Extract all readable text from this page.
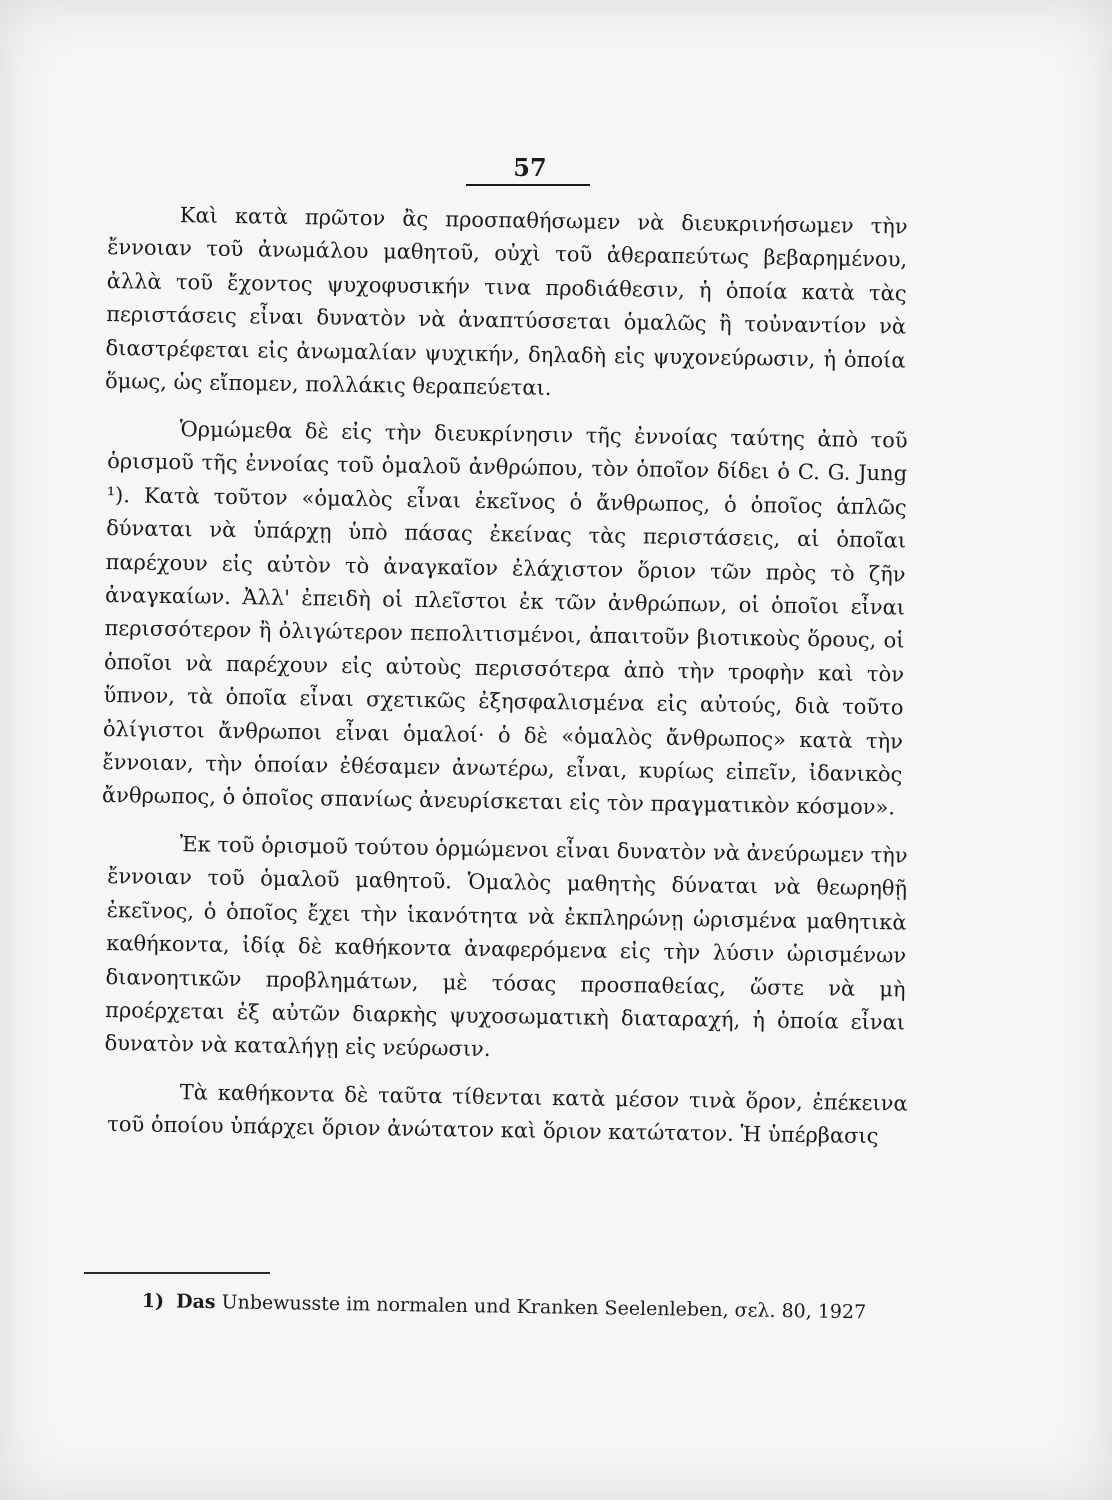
57

Καὶ κατὰ πρῶτον ἂς προσπαθήσωμεν νὰ διευκρινήσωμεν τὴν ἔννοιαν τοῦ ἀνωμάλου μαθητοῦ, οὐχὶ τοῦ ἀθεραπεύτως βεβαρημένου, ἀλλὰ τοῦ ἔχοντος ψυχοφυσικήν τινα προδιάθεσιν, ἡ ὁποία κατὰ τὰς περιστάσεις εἶναι δυνατὸν νὰ ἀναπτύσσεται ὁμαλῶς ἢ τοὐναντίον νὰ διαστρέφεται εἰς ἀνωμαλίαν ψυχικήν, δηλαδὴ εἰς ψυχονεύρωσιν, ἡ ὁποία ὅμως, ὡς εἴπομεν, πολλάκις θεραπεύεται.

Ὁρμώμεθα δὲ εἰς τὴν διευκρίνησιν τῆς ἐννοίας ταύτης ἀπὸ τοῦ ὁρισμοῦ τῆς ἐννοίας τοῦ ὁμαλοῦ ἀνθρώπου, τὸν ὁποῖον δίδει ὁ C. G. Jung ¹). Κατὰ τοῦτον «ὁμαλὸς εἶναι ἐκεῖνος ὁ ἄνθρωπος, ὁ ὁποῖος ἁπλῶς δύναται νὰ ὑπάρχῃ ὑπὸ πάσας ἐκείνας τὰς περιστάσεις, αἱ ὁποῖαι παρέχουν εἰς αὐτὸν τὸ ἀναγκαῖον ἐλάχιστον ὅριον τῶν πρὸς τὸ ζῆν ἀναγκαίων. Ἀλλ' ἐπειδὴ οἱ πλεῖστοι ἐκ τῶν ἀνθρώπων, οἱ ὁποῖοι εἶναι περισσότερον ἢ ὀλιγώτερον πεπολιτισμένοι, ἀπαιτοῦν βιοτικοὺς ὅρους, οἱ ὁποῖοι νὰ παρέχουν εἰς αὐτοὺς περισσότερα ἀπὸ τὴν τροφὴν καὶ τὸν ὕπνον, τὰ ὁποῖα εἶναι σχετικῶς ἐξησφαλισμένα εἰς αὐτούς, διὰ τοῦτο ὀλίγιστοι ἄνθρωποι εἶναι ὁμαλοί· ὁ δὲ «ὁμαλὸς ἄνθρωπος» κατὰ τὴν ἔννοιαν, τὴν ὁποίαν ἐθέσαμεν ἀνωτέρω, εἶναι, κυρίως εἰπεῖν, ἰδανικὸς ἄνθρωπος, ὁ ὁποῖος σπανίως ἀνευρίσκεται εἰς τὸν πραγματικὸν κόσμον».

Ἐκ τοῦ ὁρισμοῦ τούτου ὁρμώμενοι εἶναι δυνατὸν νὰ ἀνεύρωμεν τὴν ἔννοιαν τοῦ ὁμαλοῦ μαθητοῦ. Ὁμαλὸς μαθητὴς δύναται νὰ θεωρηθῇ ἐκεῖνος, ὁ ὁποῖος ἔχει τὴν ἱκανότητα νὰ ἐκπληρώνῃ ὡρισμένα μαθητικὰ καθήκοντα, ἰδίᾳ δὲ καθήκοντα ἀναφερόμενα εἰς τὴν λύσιν ὡρισμένων διανοητικῶν προβλημάτων, μὲ τόσας προσπαθείας, ὥστε νὰ μὴ προέρχεται ἐξ αὐτῶν διαρκὴς ψυχοσωματικὴ διαταραχή, ἡ ὁποία εἶναι δυνατὸν νὰ καταλήγῃ εἰς νεύρωσιν.

Τὰ καθήκοντα δὲ ταῦτα τίθενται κατὰ μέσον τινὰ ὅρον, ἐπέκεινα τοῦ ὁποίου ὑπάρχει ὅριον ἀνώτατον καὶ ὅριον κατώτατον. Ἡ ὑπέρβασις

1) Das Unbewusste im normalen und Kranken Seelenleben, σελ. 80, 1927
